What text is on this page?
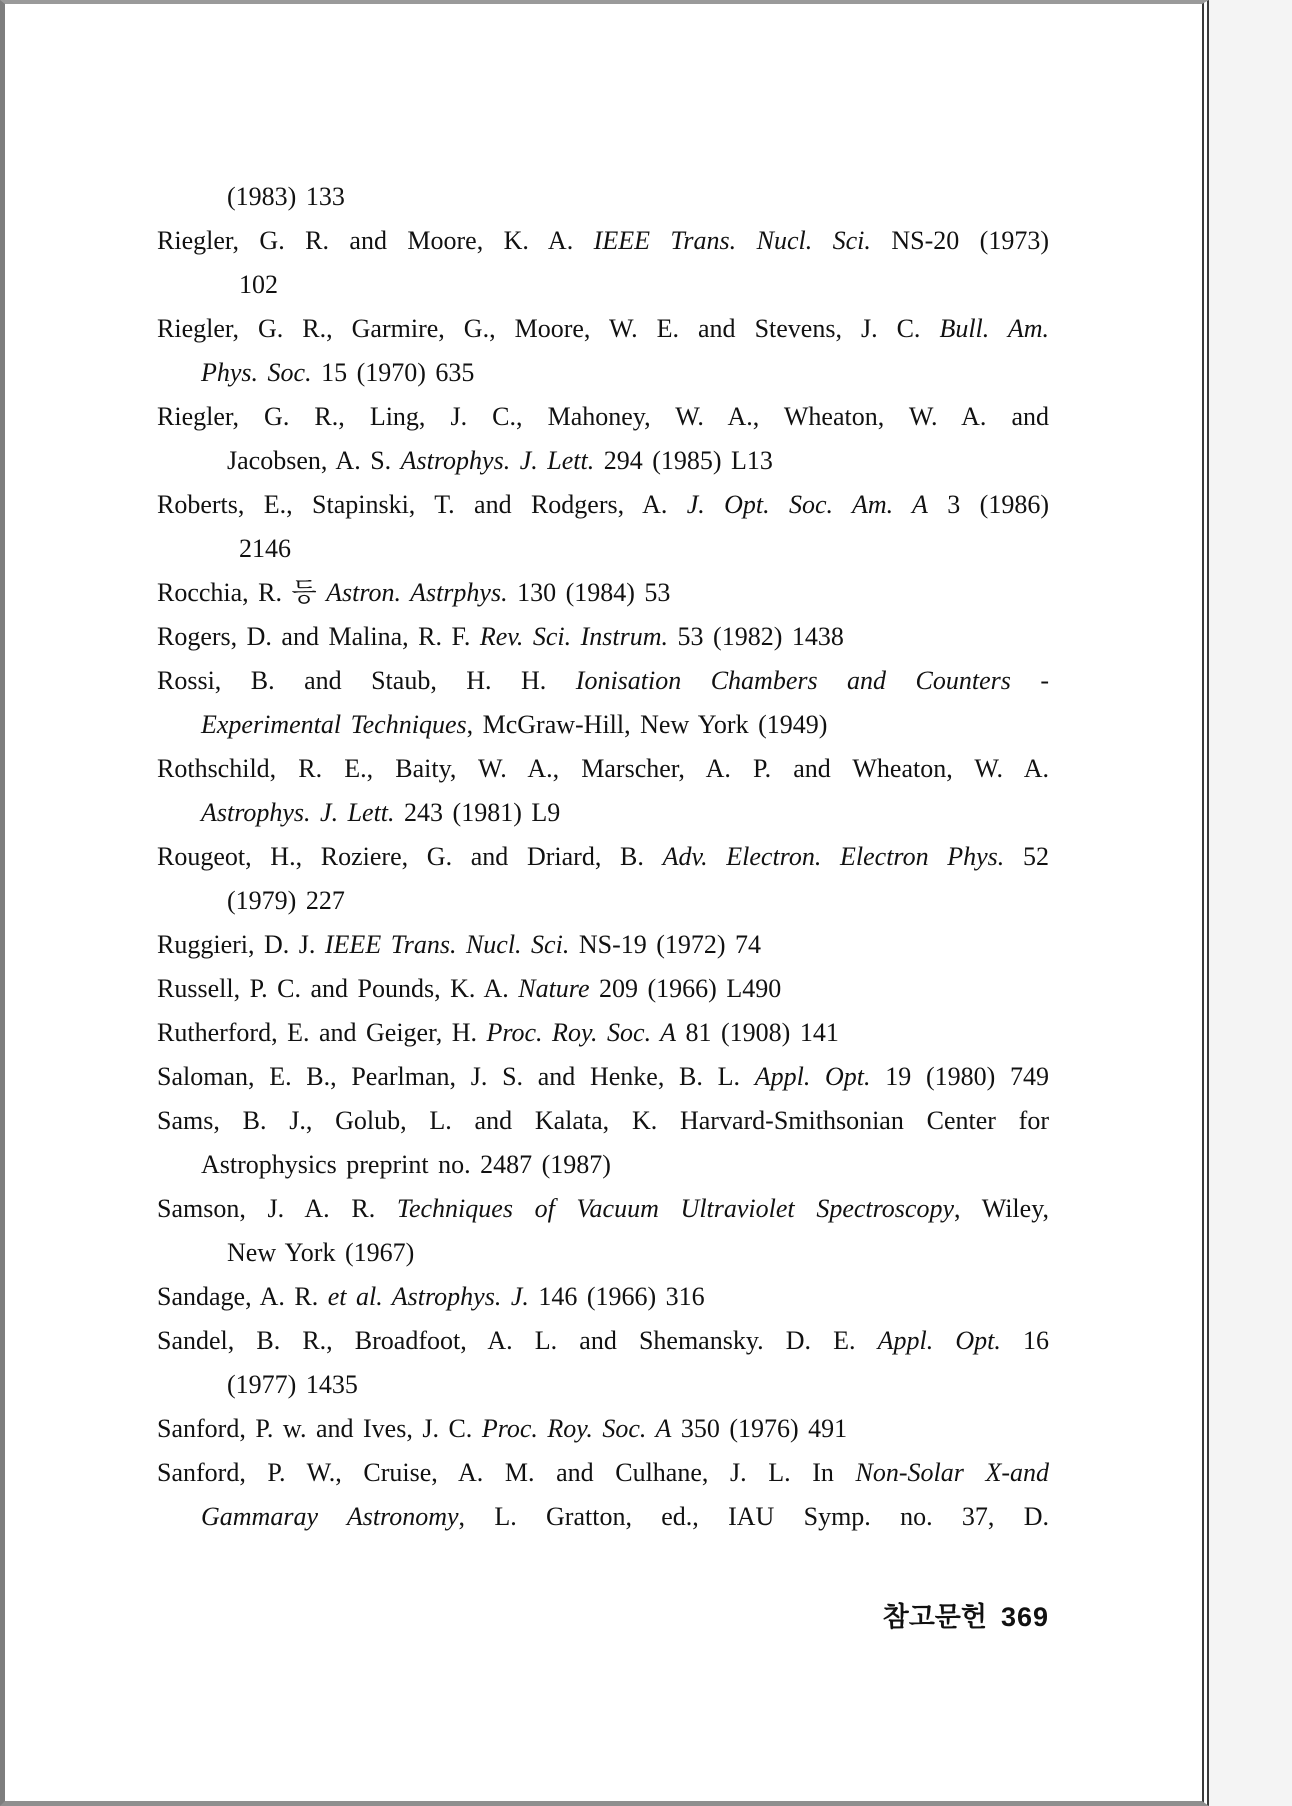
(1983) 133
Riegler, G. R. and Moore, K. A. IEEE Trans. Nucl. Sci. NS-20 (1973)
102
Riegler, G. R., Garmire, G., Moore, W. E. and Stevens, J. C. Bull. Am.
Phys. Soc. 15 (1970) 635
Riegler, G. R., Ling, J. C., Mahoney, W. A., Wheaton, W. A. and
Jacobsen, A. S. Astrophys. J. Lett. 294 (1985) L13
Roberts, E., Stapinski, T. and Rodgers, A. J. Opt. Soc. Am. A 3 (1986)
2146
Rocchia, R. 등 Astron. Astrphys. 130 (1984) 53
Rogers, D. and Malina, R. F. Rev. Sci. Instrum. 53 (1982) 1438
Rossi, B. and Staub, H. H. Ionisation Chambers and Counters -
Experimental Techniques, McGraw-Hill, New York (1949)
Rothschild, R. E., Baity, W. A., Marscher, A. P. and Wheaton, W. A.
Astrophys. J. Lett. 243 (1981) L9
Rougeot, H., Roziere, G. and Driard, B. Adv. Electron. Electron Phys. 52
(1979) 227
Ruggieri, D. J. IEEE Trans. Nucl. Sci. NS-19 (1972) 74
Russell, P. C. and Pounds, K. A. Nature 209 (1966) L490
Rutherford, E. and Geiger, H. Proc. Roy. Soc. A 81 (1908) 141
Saloman, E. B., Pearlman, J. S. and Henke, B. L. Appl. Opt. 19 (1980) 749
Sams, B. J., Golub, L. and Kalata, K. Harvard-Smithsonian Center for
Astrophysics preprint no. 2487 (1987)
Samson, J. A. R. Techniques of Vacuum Ultraviolet Spectroscopy, Wiley,
New York (1967)
Sandage, A. R. et al. Astrophys. J. 146 (1966) 316
Sandel, B. R., Broadfoot, A. L. and Shemansky. D. E. Appl. Opt. 16
(1977) 1435
Sanford, P. w. and Ives, J. C. Proc. Roy. Soc. A 350 (1976) 491
Sanford, P. W., Cruise, A. M. and Culhane, J. L. In Non-Solar X-and
Gammaray Astronomy, L. Gratton, ed., IAU Symp. no. 37, D.
참고문헌 369
